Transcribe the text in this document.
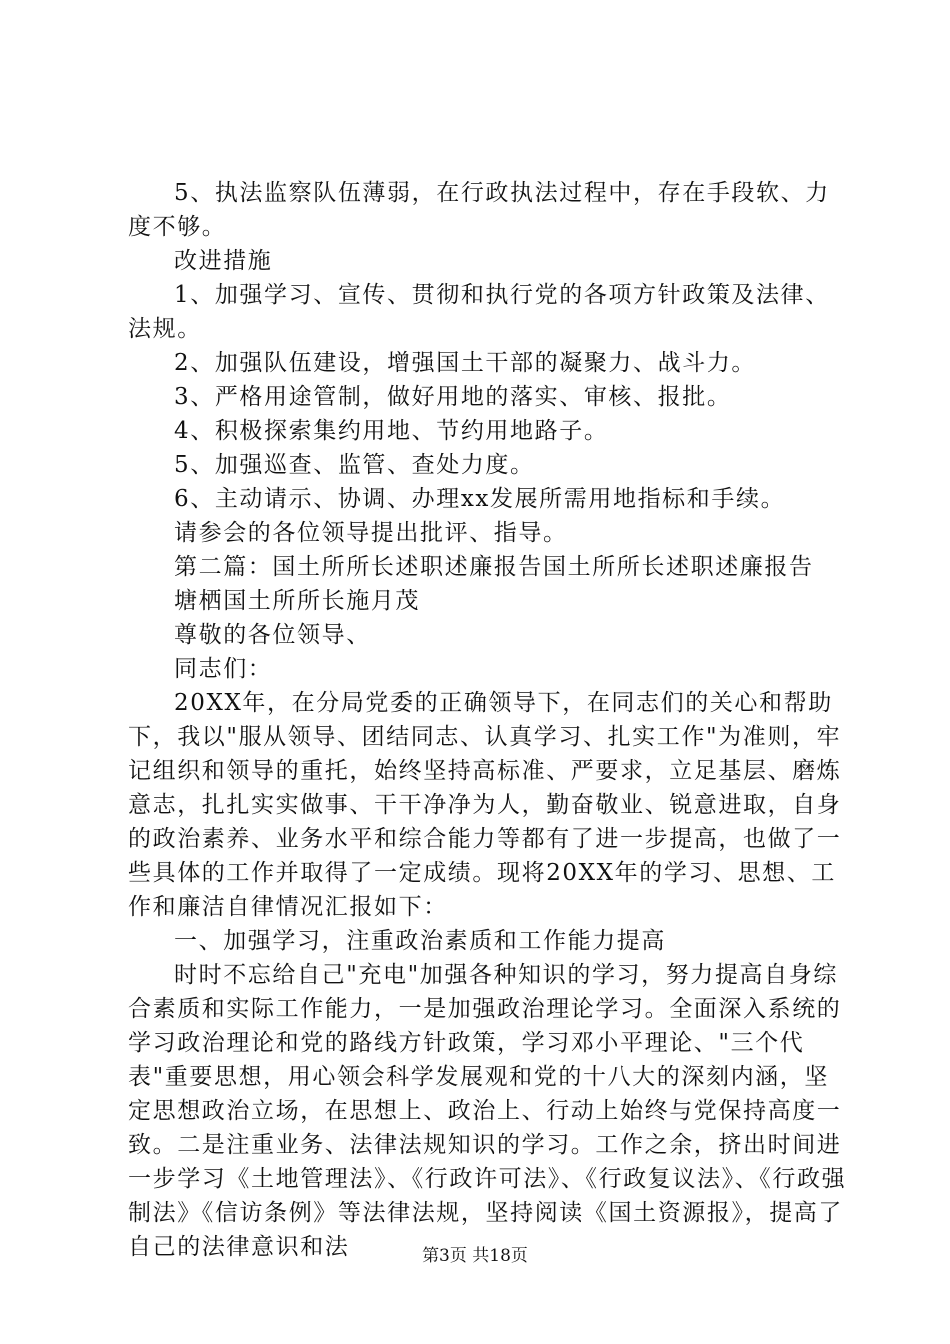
5、执法监察队伍薄弱，在行政执法过程中，存在手段软、力度不够。

改进措施

1、加强学习、宣传、贯彻和执行党的各项方针政策及法律、法规。

2、加强队伍建设，增强国土干部的凝聚力、战斗力。

3、严格用途管制，做好用地的落实、审核、报批。

4、积极探索集约用地、节约用地路子。

5、加强巡查、监管、查处力度。

6、主动请示、协调、办理xx发展所需用地指标和手续。

请参会的各位领导提出批评、指导。

第二篇：国土所所长述职述廉报告国土所所长述职述廉报告

塘栖国土所所长施月茂

尊敬的各位领导、

同志们：

20XX年，在分局党委的正确领导下，在同志们的关心和帮助下，我以"服从领导、团结同志、认真学习、扎实工作"为准则，牢记组织和领导的重托，始终坚持高标准、严要求，立足基层、磨炼意志，扎扎实实做事、干干净净为人，勤奋敬业、锐意进取，自身的政治素养、业务水平和综合能力等都有了进一步提高，也做了一些具体的工作并取得了一定成绩。现将20XX年的学习、思想、工作和廉洁自律情况汇报如下：

一、加强学习，注重政治素质和工作能力提高

时时不忘给自己"充电"加强各种知识的学习，努力提高自身综合素质和实际工作能力，一是加强政治理论学习。全面深入系统的学习政治理论和党的路线方针政策，学习邓小平理论、"三个代表"重要思想，用心领会科学发展观和党的十八大的深刻内涵，坚定思想政治立场，在思想上、政治上、行动上始终与党保持高度一致。二是注重业务、法律法规知识的学习。工作之余，挤出时间进一步学习《土地管理法》、《行政许可法》、《行政复议法》、《行政强制法》《信访条例》等法律法规，坚持阅读《国土资源报》，提高了自己的法律意识和法	第3页 共18页
